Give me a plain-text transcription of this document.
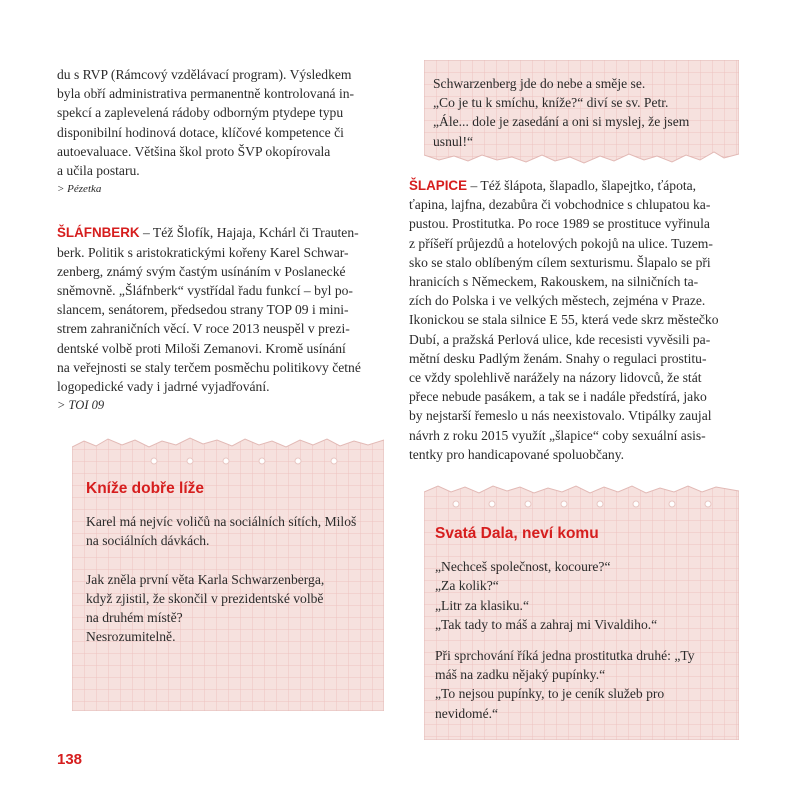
du s RVP (Rámcový vzdělávací program). Výsledkem

byla obří administrativa permanentně kontrolovaná in-

spekcí a zaplevelená rádoby odborným ptydepe typu

disponibilní hodinová dotace, klíčové kompetence či

autoevaluace. Většina škol proto ŠVP okopírovala

a učila postaru.

> Pézetka

ŠLÁFNBERK – Též Šlofík, Hajaja, Kchárl či Trauten-

berk. Politik s aristokratickými kořeny Karel Schwar-

zenberg, známý svým častým usínáním v Poslanecké

sněmovně. „Šláfnberk“ vystřídal řadu funkcí – byl po-

slancem, senátorem, předsedou strany TOP 09 i mini-

strem zahraničních věcí. V roce 2013 neuspěl v prezi-

dentské volbě proti Miloši Zemanovi. Kromě usínání

na veřejnosti se staly terčem posměchu politikovy četné

logopedické vady i jadrné vyjadřování.

> TOI 09

ŠLAPICE – Též šlápota, šlapadlo, šlapejtko, ťápota,

ťapina, lajfna, dezabůra či vobchodnice s chlupatou ka-

pustou. Prostitutka. Po roce 1989 se prostituce vyřinula

z příšeří průjezdů a hotelových pokojů na ulice. Tuzem-

sko se stalo oblíbeným cílem sexturismu. Šlapalo se při

hranicích s Německem, Rakouskem, na silničních ta-

zích do Polska i ve velkých městech, zejména v Praze.

Ikonickou se stala silnice E 55, která vede skrz městečko

Dubí, a pražská Perlová ulice, kde recesisti vyvěsili pa-

mětní desku Padlým ženám. Snahy o regulaci prostitu-

ce vždy spolehlivě narážely na názory lidovců, že stát

přece nebude pasákem, a tak se i nadále předstírá, jako

by nejstarší řemeslo u nás neexistovalo. Vtipálky zaujal

návrh z roku 2015 využít „šlapice“ coby sexuální asis-

tentky pro handicapované spoluobčany.

Schwarzenberg jde do nebe a směje se.

„Co je tu k smíchu, kníže?“ diví se sv. Petr.

„Ále... dole je zasedání a oni si myslej, že jsem

usnul!“

Kníže dobře líže

Karel má nejvíc voličů na sociálních sítích, Miloš

na sociálních dávkách.

Jak zněla první věta Karla Schwarzenberga,

když zjistil, že skončil v prezidentské volbě

na druhém místě?

Nesrozumitelně.

Svatá Dala, neví komu

„Nechceš společnost, kocoure?“

„Za kolik?“

„Litr za klasiku.“

„Tak tady to máš a zahraj mi Vivaldiho.“

Při sprchování říká jedna prostitutka druhé: „Ty

máš na zadku nějaký pupínky.“

„To nejsou pupínky, to je ceník služeb pro

nevidomé.“

138
